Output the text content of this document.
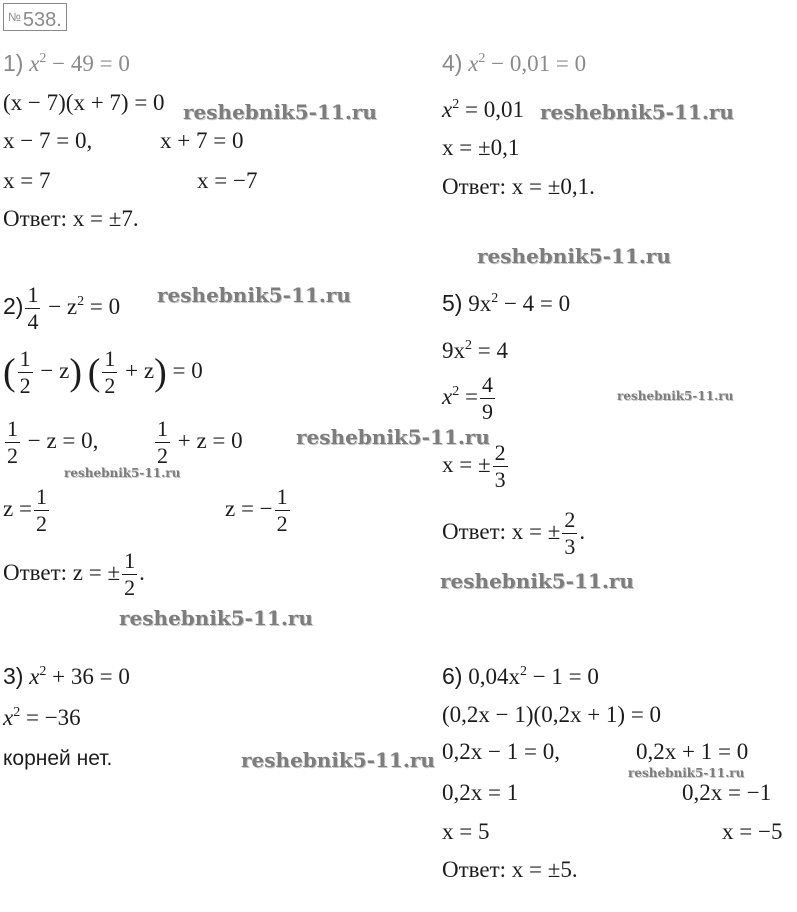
№ 538.
1) $x^2 - 49 = 0$
(x − 7)(x + 7) = 0
x − 7 = 0,	x + 7 = 0
x = 7	x = −7
Ответ: x = ±7.
$2) \frac{1}{4} - z^2 = 0$
( $\frac{1}{2} - z$) ( $\frac{1}{2} + z) = 0$
$\frac{1}{2} - z = 0$,	$\frac{1}{2} + z = 0$
$z = \frac{1}{2}$	z = − $\frac{1}{2}$
Ответ: z = ± $\frac{1}{2}$ .
3) $x^2 + 36 = 0$
$x^2 = -36$
корней нет.
4) $x^2 - 0,01 = 0$
$x^2 = 0,01$
x = ±0,1
Ответ: x = ±0,1.
5) $9x^2 - 4 = 0$
$9x^2 = 4$
$x^2 = \frac{4}{9}$
x = ± $\frac{2}{3}$
Ответ: x = ± $\frac{2}{3}$ .
6) $0,04x^2 - 1 = 0$
(0,2x − 1)(0,2x + 1) = 0
0,2x − 1 = 0,	0,2x + 1 = 0
0,2x = 1	0,2x = −1
x = 5	x = −5
Ответ: x = ±5.
reshebnik5-11.ru	reshebnik5-11.ru
reshebnik5-11.ru
reshebnik5-11.ru
reshebnik5-11.ru
reshebnik5-11.ru
reshebnik5-11.ru
reshebnik5-11.ru
reshebnik5-11.ru
reshebnik5-11.ru
reshebnik5-11.ru
